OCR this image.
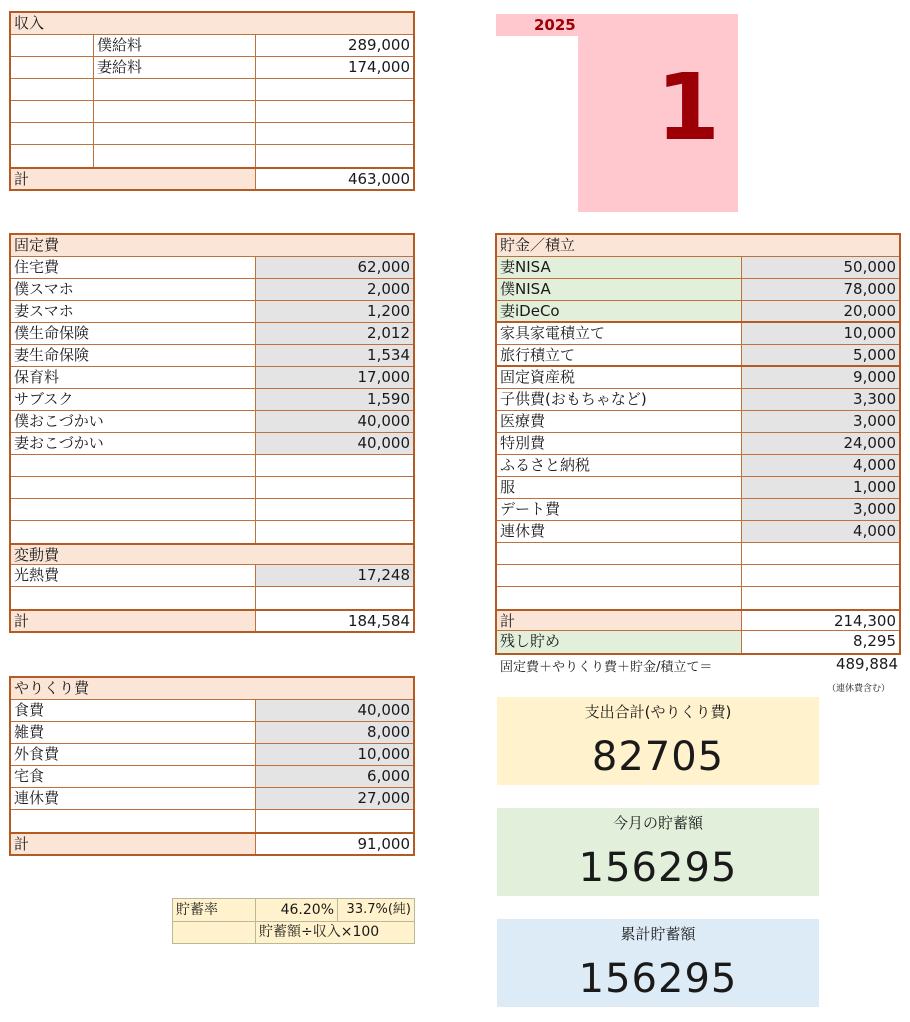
収入
僕給料	289,000
妻給料	174,000
計	463,000
2025
1
固定費
住宅費	62,000
僕スマホ	2,000
妻スマホ	1,200
僕生命保険	2,012
妻生命保険	1,534
保育料	17,000
サブスク	1,590
僕おこづかい	40,000
妻おこづかい	40,000
変動費
光熱費	17,248
計	184,584
貯金／積立
妻NISA	50,000
僕NISA	78,000
妻iDeCo	20,000
家具家電積立て	10,000
旅行積立て	5,000
固定資産税	9,000
子供費(おもちゃなど)	3,300
医療費	3,000
特別費	24,000
ふるさと納税	4,000
服	1,000
デート費	3,000
連休費	4,000
計	214,300
残し貯め	8,295
固定費＋やりくり費＋貯金/積立て＝	489,884
（連休費含む）
やりくり費
食費	40,000
雑費	8,000
外食費	10,000
宅食	6,000
連休費	27,000
計	91,000
貯蓄率	46.20% 33.7%(純)
貯蓄額÷収入×100
支出合計(やりくり費)
82705
今月の貯蓄額
156295
累計貯蓄額
156295
